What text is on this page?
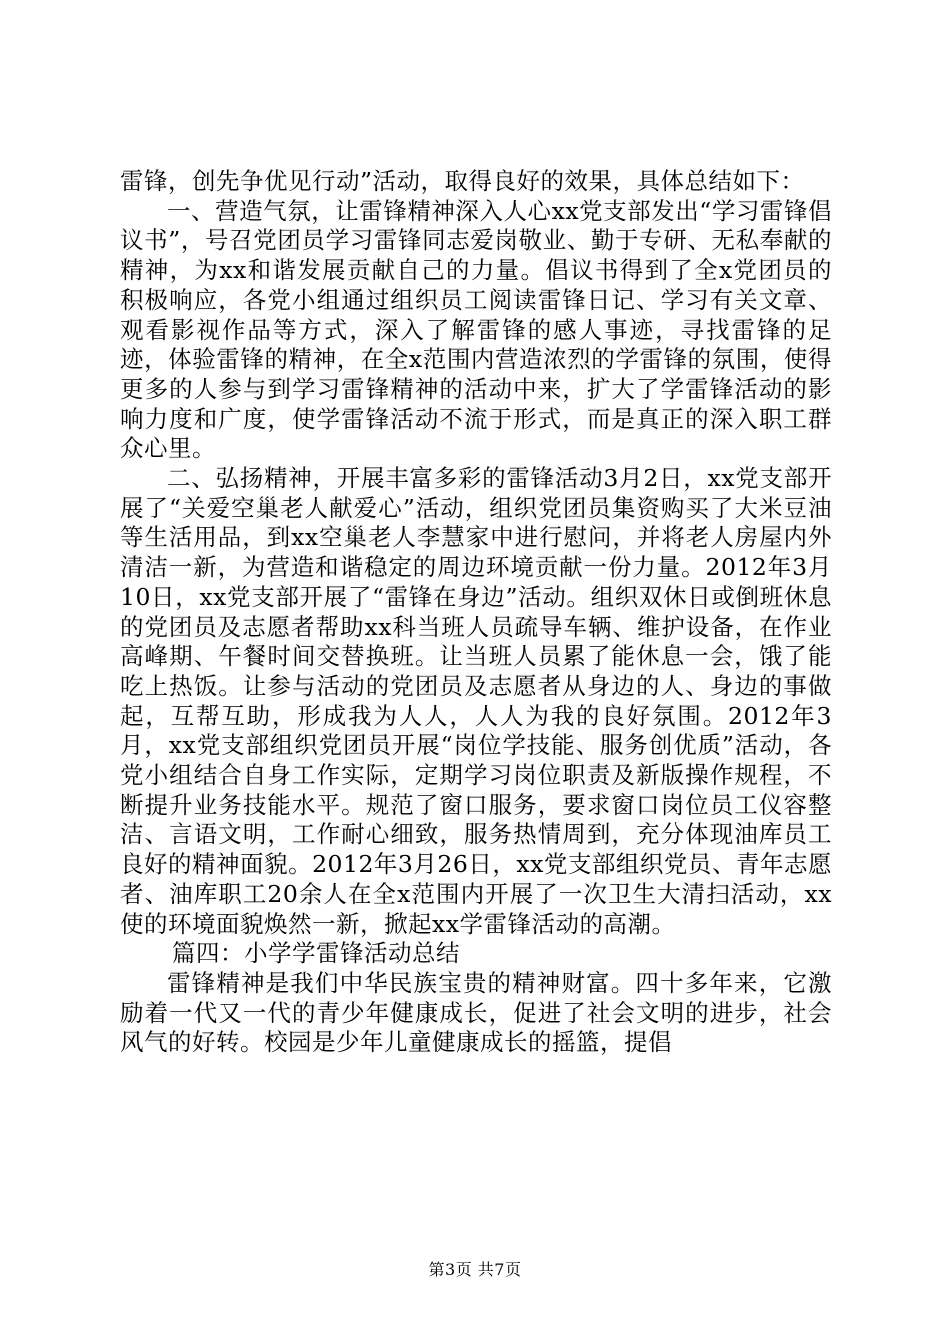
雷锋，创先争优见行动”活动，取得良好的效果，具体总结如下：

一、营造气氛，让雷锋精神深入人心xx党支部发出“学习雷锋倡议书”，号召党团员学习雷锋同志爱岗敬业、勤于专研、无私奉献的精神，为xx和谐发展贡献自己的力量。倡议书得到了全x党团员的积极响应，各党小组通过组织员工阅读雷锋日记、学习有关文章、观看影视作品等方式，深入了解雷锋的感人事迹，寻找雷锋的足迹，体验雷锋的精神，在全x范围内营造浓烈的学雷锋的氛围，使得更多的人参与到学习雷锋精神的活动中来，扩大了学雷锋活动的影响力度和广度，使学雷锋活动不流于形式，而是真正的深入职工群众心里。

二、弘扬精神，开展丰富多彩的雷锋活动3月2日，xx党支部开展了“关爱空巢老人献爱心”活动，组织党团员集资购买了大米豆油等生活用品，到xx空巢老人李慧家中进行慰问，并将老人房屋内外清洁一新，为营造和谐稳定的周边环境贡献一份力量。2012年3月10日，xx党支部开展了“雷锋在身边”活动。组织双休日或倒班休息的党团员及志愿者帮助xx科当班人员疏导车辆、维护设备，在作业高峰期、午餐时间交替换班。让当班人员累了能休息一会，饿了能吃上热饭。让参与活动的党团员及志愿者从身边的人、身边的事做起，互帮互助，形成我为人人，人人为我的良好氛围。2012年3月，xx党支部组织党团员开展“岗位学技能、服务创优质”活动，各党小组结合自身工作实际，定期学习岗位职责及新版操作规程，不断提升业务技能水平。规范了窗口服务，要求窗口岗位员工仪容整洁、言语文明，工作耐心细致，服务热情周到，充分体现油库员工良好的精神面貌。2012年3月26日，xx党支部组织党员、青年志愿者、油库职工20余人在全x范围内开展了一次卫生大清扫活动，xx使的环境面貌焕然一新，掀起xx学雷锋活动的高潮。

篇四：小学学雷锋活动总结

雷锋精神是我们中华民族宝贵的精神财富。四十多年来，它激励着一代又一代的青少年健康成长，促进了社会文明的进步，社会风气的好转。校园是少年儿童健康成长的摇篮，提倡

第3页 共7页
